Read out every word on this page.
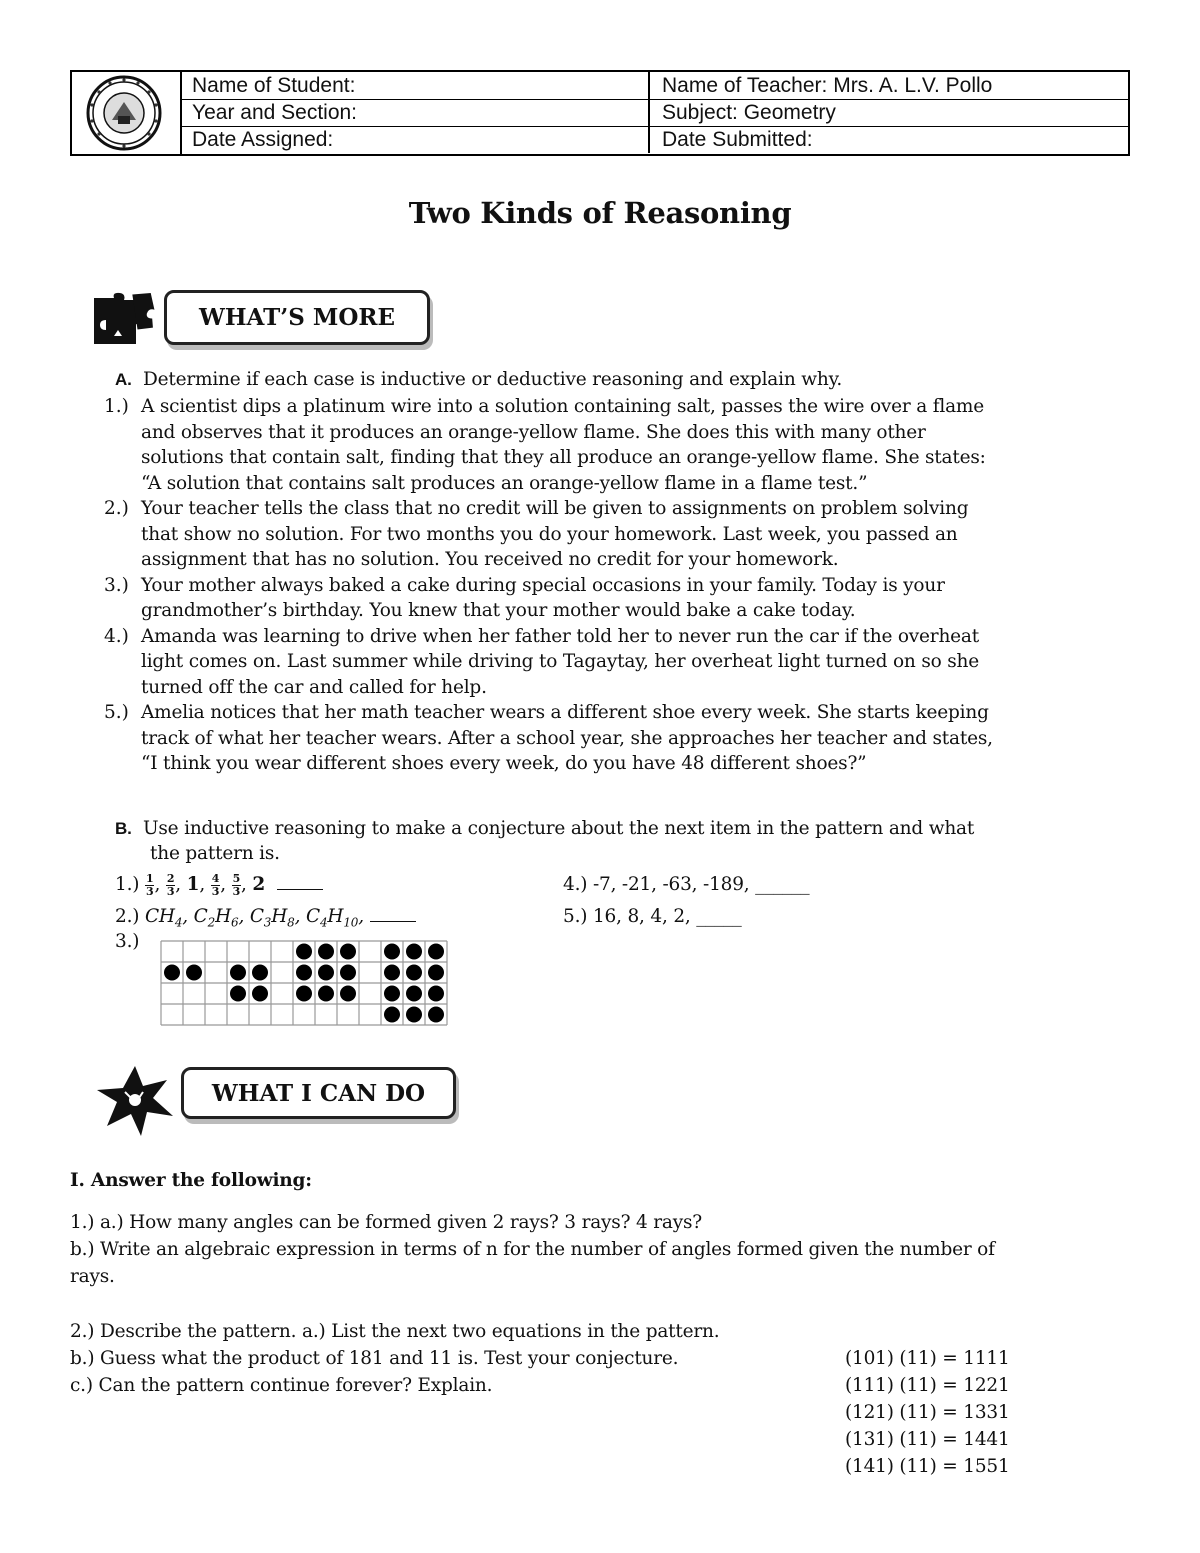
Name of Student:	Name of Teacher: Mrs. A. L.V. Pollo
Year and Section:	Subject: Geometry
Date Assigned:	Date Submitted:
Two Kinds of Reasoning
WHAT’S MORE
A. Determine if each case is inductive or deductive reasoning and explain why.
1.) A scientist dips a platinum wire into a solution containing salt, passes the wire over a flame
and observes that it produces an orange-yellow flame. She does this with many other
solutions that contain salt, finding that they all produce an orange-yellow flame. She states:
“A solution that contains salt produces an orange-yellow flame in a flame test.”
2.) Your teacher tells the class that no credit will be given to assignments on problem solving
that show no solution. For two months you do your homework. Last week, you passed an
assignment that has no solution. You received no credit for your homework.
3.) Your mother always baked a cake during special occasions in your family. Today is your
grandmother’s birthday. You knew that your mother would bake a cake today.
4.) Amanda was learning to drive when her father told her to never run the car if the overheat
light comes on. Last summer while driving to Tagaytay, her overheat light turned on so she
turned off the car and called for help.
5.) Amelia notices that her math teacher wears a different shoe every week. She starts keeping
track of what her teacher wears. After a school year, she approaches her teacher and states,
“I think you wear different shoes every week, do you have 48 different shoes?”
B. Use inductive reasoning to make a conjecture about the next item in the pattern and what
the pattern is.
$1.) \frac{1}{3}$ , $\frac{2}{3}$ , 1, $\frac{4}{3}$ , $\frac{5}{3}$ , 2
2.) $CH_4$, $C_2H_6$, $C_3H_8$, $C_4H_{10}$,
3.)
4.) -7, -21, -63, -189, ______
5.) 16, 8, 4, 2, _____
WHAT I CAN DO
I. Answer the following:
1.) a.) How many angles can be formed given 2 rays? 3 rays? 4 rays?
b.) Write an algebraic expression in terms of n for the number of angles formed given the number of
rays.
2.) Describe the pattern. a.) List the next two equations in the pattern.
b.) Guess what the product of 181 and 11 is. Test your conjecture.
c.) Can the pattern continue forever? Explain.
(101) (11) = 1111
(111) (11) = 1221
(121) (11) = 1331
(131) (11) = 1441
(141) (11) = 1551
